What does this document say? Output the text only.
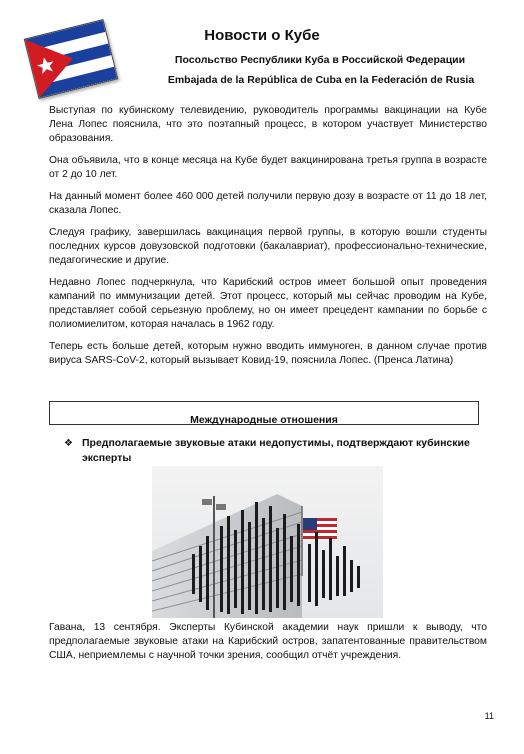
Новости о Кубе
Посольство Республики Куба в Российской Федерации
Embajada de la República de Cuba en la Federación de Rusia

Выступая по кубинскому телевидению, руководитель программы вакцинации на Кубе Лена Лопес пояснила, что это поэтапный процесс, в котором участвует Министерство образования.

Она объявила, что в конце месяца на Кубе будет вакцинирована третья группа в возрасте от 2 до 10 лет.

На данный момент более 460 000 детей получили первую дозу в возрасте от 11 до 18 лет, сказала Лопес.

Следуя графику, завершилась вакцинация первой группы, в которую вошли студенты последних курсов довузовской подготовки (бакалавриат), профессионально-технические, педагогические и другие.

Недавно Лопес подчеркнула, что Карибский остров имеет большой опыт проведения кампаний по иммунизации детей. Этот процесс, который мы сейчас проводим на Кубе, представляет собой серьезную проблему, но он имеет прецедент кампании по борьбе с полиомиелитом, которая началась в 1962 году.

Теперь есть больше детей, которым нужно вводить иммуноген, в данном случае против вируса SARS-CoV-2, который вызывает Ковид-19, пояснила Лопес. (Пренса Латина)

Международные отношения
❖ Предполагаемые звуковые атаки недопустимы, подтверждают кубинские эксперты
Гавана, 13 сентября. Эксперты Кубинской академии наук пришли к выводу, что предполагаемые звуковые атаки на Карибский остров, запатентованные правительством США, неприемлемы с научной точки зрения, сообщил отчёт учреждения.
11
